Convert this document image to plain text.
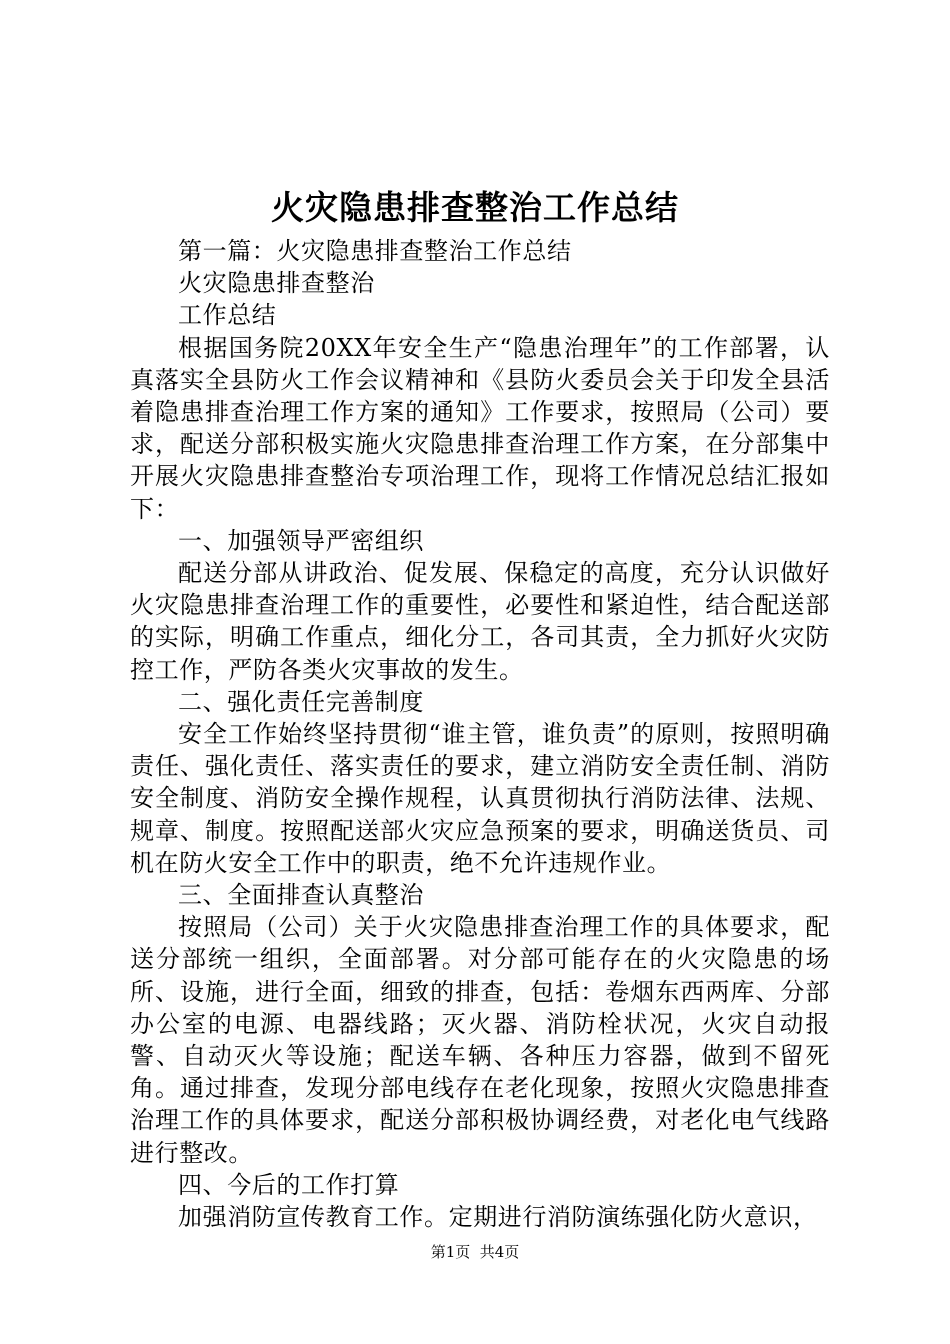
火灾隐患排查整治工作总结

第一篇：火灾隐患排查整治工作总结

火灾隐患排查整治

工作总结

根据国务院20XX年安全生产“隐患治理年”的工作部署，认真落实全县防火工作会议精神和《县防火委员会关于印发全县活着隐患排查治理工作方案的通知》工作要求，按照局（公司）要求，配送分部积极实施火灾隐患排查治理工作方案，在分部集中开展火灾隐患排查整治专项治理工作，现将工作情况总结汇报如下：

一、加强领导严密组织

配送分部从讲政治、促发展、保稳定的高度，充分认识做好火灾隐患排查治理工作的重要性，必要性和紧迫性，结合配送部的实际，明确工作重点，细化分工，各司其责，全力抓好火灾防控工作，严防各类火灾事故的发生。

二、强化责任完善制度

安全工作始终坚持贯彻“谁主管，谁负责”的原则，按照明确责任、强化责任、落实责任的要求，建立消防安全责任制、消防安全制度、消防安全操作规程，认真贯彻执行消防法律、法规、规章、制度。按照配送部火灾应急预案的要求，明确送货员、司机在防火安全工作中的职责，绝不允许违规作业。

三、全面排查认真整治

按照局（公司）关于火灾隐患排查治理工作的具体要求，配送分部统一组织，全面部署。对分部可能存在的火灾隐患的场所、设施，进行全面，细致的排查，包括：卷烟东西两库、分部办公室的电源、电器线路；灭火器、消防栓状况，火灾自动报警、自动灭火等设施；配送车辆、各种压力容器，做到不留死角。通过排查，发现分部电线存在老化现象，按照火灾隐患排查治理工作的具体要求，配送分部积极协调经费，对老化电气线路进行整改。

四、今后的工作打算

加强消防宣传教育工作。定期进行消防演练强化防火意识，

第1页  共4页
